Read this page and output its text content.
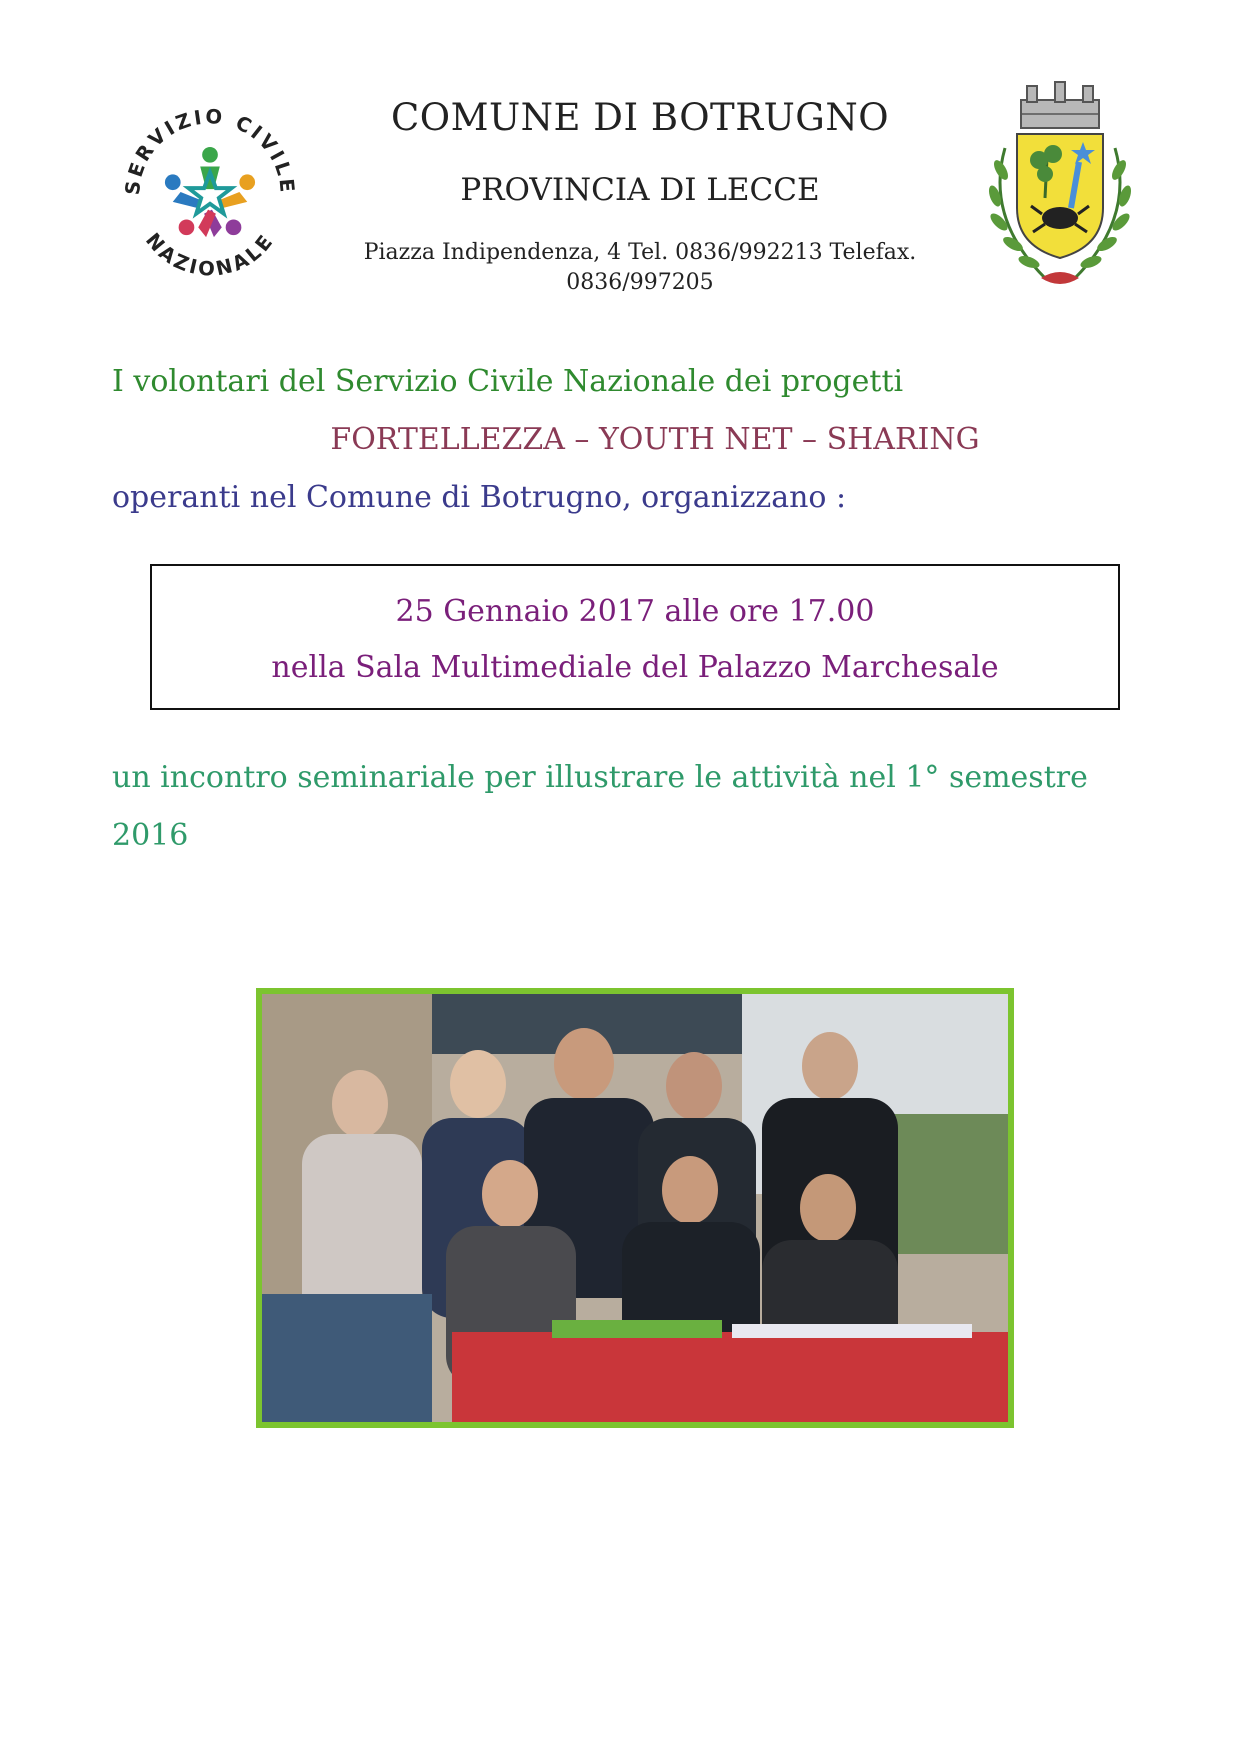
SERVIZIO CIVILE
NAZIONALE
COMUNE DI BOTRUGNO
PROVINCIA DI LECCE
Piazza Indipendenza, 4 Tel. 0836/992213 Telefax.
0836/997205
I volontari del Servizio Civile Nazionale dei progetti
FORTELLEZZA – YOUTH NET – SHARING
operanti nel Comune di Botrugno, organizzano :
25 Gennaio 2017 alle ore 17.00
nella Sala Multimediale del Palazzo Marchesale
un incontro seminariale per illustrare le attività nel 1° semestre
2016
